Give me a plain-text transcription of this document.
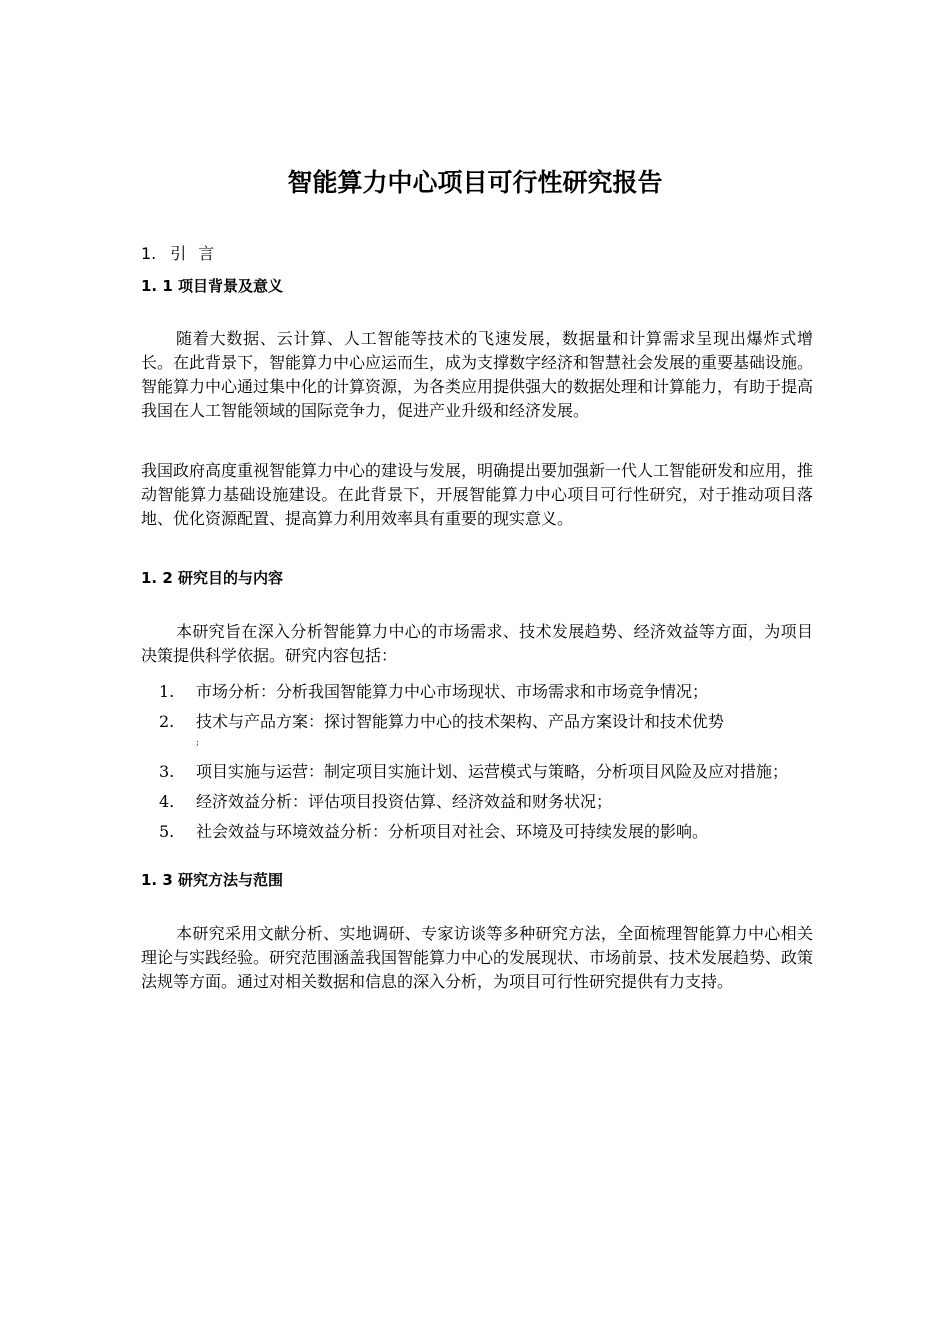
智能算力中心项目可行性研究报告
1. 引言
1. 1 项目背景及意义

随着大数据、云计算、人工智能等技术的飞速发展，数据量和计算需求呈现出爆炸式增长。在此背景下，智能算力中心应运而生，成为支撑数字经济和智慧社会发展的重要基础设施。智能算力中心通过集中化的计算资源，为各类应用提供强大的数据处理和计算能力，有助于提高我国在人工智能领域的国际竞争力，促进产业升级和经济发展。

我国政府高度重视智能算力中心的建设与发展，明确提出要加强新一代人工智能研发和应用，推动智能算力基础设施建设。在此背景下，开展智能算力中心项目可行性研究，对于推动项目落地、优化资源配置、提高算力利用效率具有重要的现实意义。

1. 2 研究目的与内容

本研究旨在深入分析智能算力中心的市场需求、技术发展趋势、经济效益等方面，为项目决策提供科学依据。研究内容包括：

1. 市场分析：分析我国智能算力中心市场现状、市场需求和市场竞争情况；
2. 技术与产品方案：探讨智能算力中心的技术架构、产品方案设计和技术优势
;
3. 项目实施与运营：制定项目实施计划、运营模式与策略，分析项目风险及应对措施；
4. 经济效益分析：评估项目投资估算、经济效益和财务状况；
5. 社会效益与环境效益分析：分析项目对社会、环境及可持续发展的影响。
1. 3 研究方法与范围

本研究采用文献分析、实地调研、专家访谈等多种研究方法，全面梳理智能算力中心相关理论与实践经验。研究范围涵盖我国智能算力中心的发展现状、市场前景、技术发展趋势、政策法规等方面。通过对相关数据和信息的深入分析，为项目可行性研究提供有力支持。
